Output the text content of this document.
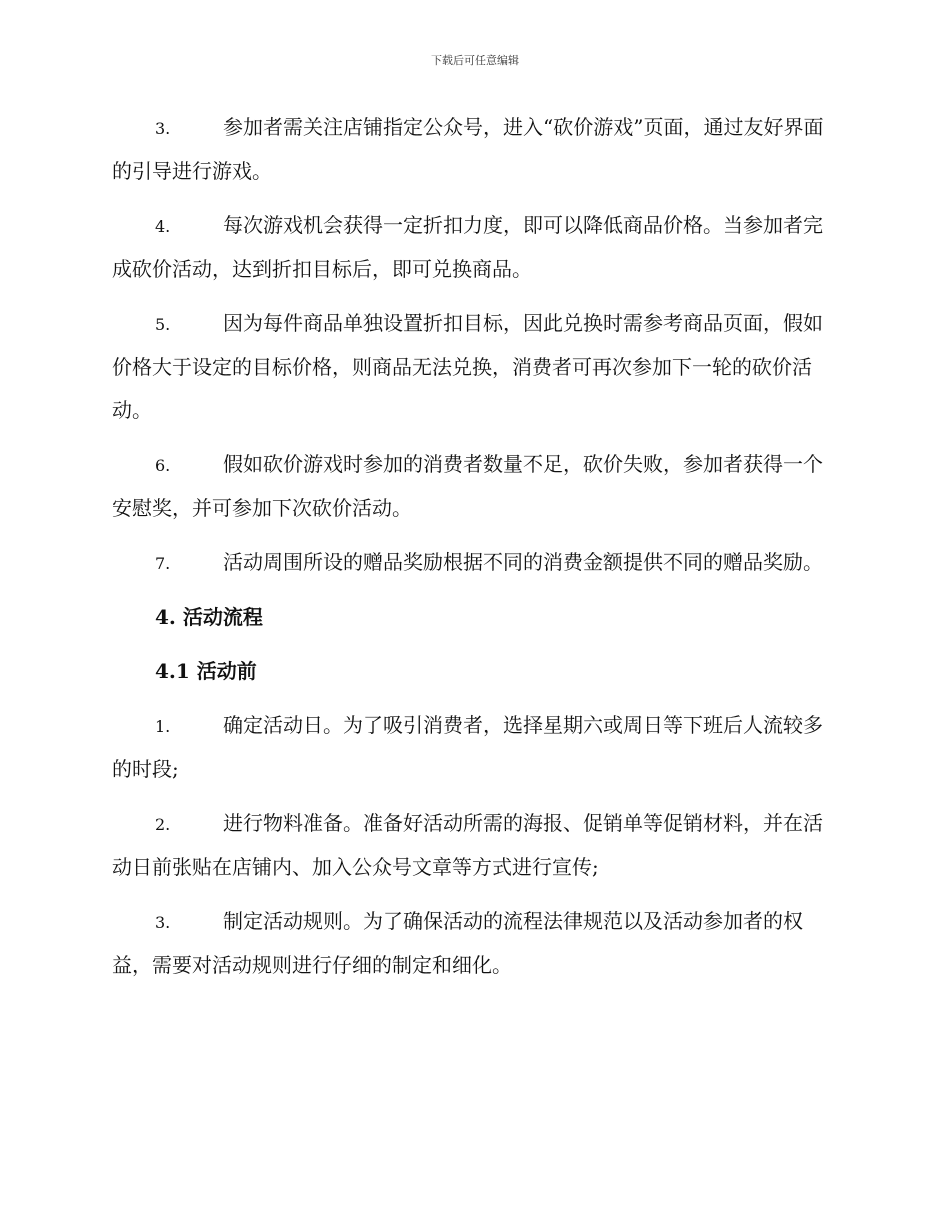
下载后可任意编辑

3.	参加者需关注店铺指定公众号，进入“砍价游戏”页面，通过友好界面的引导进行游戏。

4.	每次游戏机会获得一定折扣力度，即可以降低商品价格。当参加者完成砍价活动，达到折扣目标后，即可兑换商品。

5.	因为每件商品单独设置折扣目标，因此兑换时需参考商品页面，假如价格大于设定的目标价格，则商品无法兑换，消费者可再次参加下一轮的砍价活动。

6.	假如砍价游戏时参加的消费者数量不足，砍价失败，参加者获得一个安慰奖，并可参加下次砍价活动。

7.	活动周围所设的赠品奖励根据不同的消费金额提供不同的赠品奖励。

4. 活动流程

4.1 活动前

1.	确定活动日。为了吸引消费者，选择星期六或周日等下班后人流较多的时段;

2.	进行物料准备。准备好活动所需的海报、促销单等促销材料，并在活动日前张贴在店铺内、加入公众号文章等方式进行宣传;

3.	制定活动规则。为了确保活动的流程法律规范以及活动参加者的权益，需要对活动规则进行仔细的制定和细化。
